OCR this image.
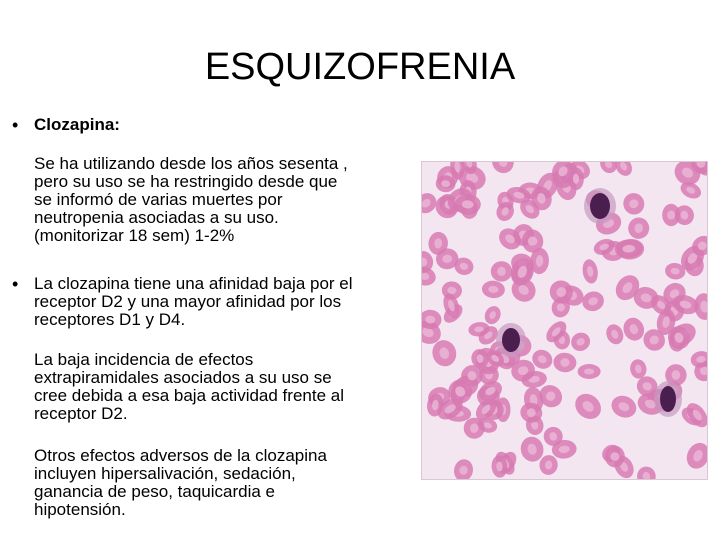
ESQUIZOFRENIA
• Clozapina:
Se ha utilizando desde los años sesenta ,
pero su uso se ha restringido desde que
se informó de varias muertes por
neutropenia asociadas a su uso.
(monitorizar 18 sem) 1-2%
• La clozapina tiene una afinidad baja por el
receptor D2 y una mayor afinidad por los
receptores D1 y D4.
La baja incidencia de efectos
extrapiramidales asociados a su uso se
cree debida a esa baja actividad frente al
receptor D2.
Otros efectos adversos de la clozapina
incluyen hipersalivación, sedación,
ganancia de peso, taquicardia e
hipotensión.
